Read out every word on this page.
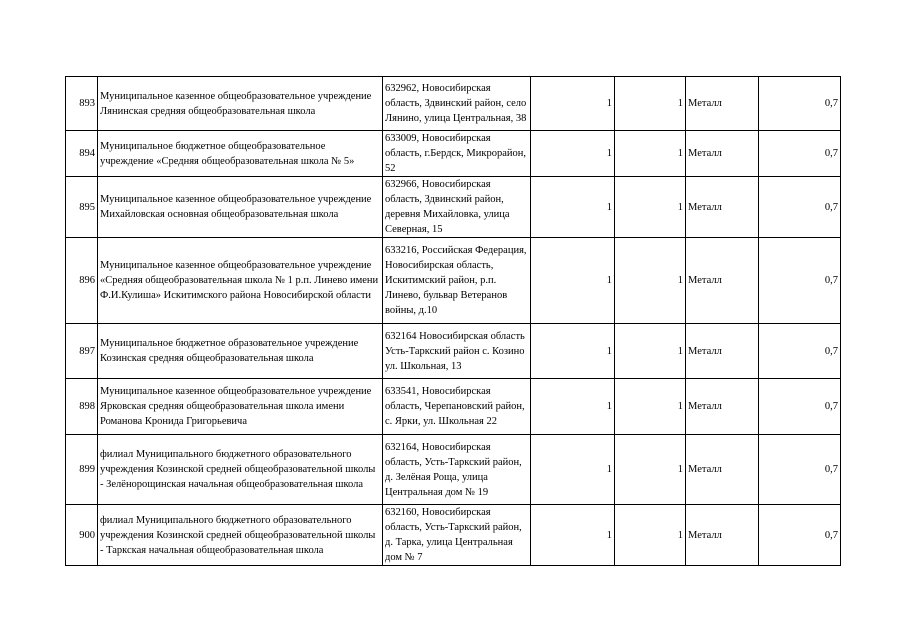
893	Муниципальное казенное общеобразовательное учреждение Лянинская средняя общеобразовательная школа	632962, Новосибирская область, Здвинский район, село Лянино, улица Центральная, 38	1	1	Металл	0,7
894	Муниципальное бюджетное общеобразовательное учреждение «Средняя общеобразовательная школа № 5»	633009, Новосибирская область, г.Бердск, Микрорайон, 52	1	1	Металл	0,7
895	Муниципальное казенное общеобразовательное учреждение Михайловская основная общеобразовательная школа	632966, Новосибирская область, Здвинский район, деревня Михайловка, улица Северная, 15	1	1	Металл	0,7
896	Муниципальное казенное общеобразовательное учреждение «Средняя общеобразовательная школа № 1 р.п. Линево имени Ф.И.Кулиша» Искитимского района Новосибирской области	633216, Российская Федерация, Новосибирская область, Искитимский район, р.п. Линево, бульвар Ветеранов войны, д.10	1	1	Металл	0,7
897	Муниципальное бюджетное образовательное учреждение Козинская средняя общеобразовательная школа	632164 Новосибирская область Усть-Таркский район с. Козино ул. Школьная, 13	1	1	Металл	0,7
898	Муниципальное казенное общеобразовательное учреждение Ярковская средняя общеобразовательная школа имени Романова Кронида Григорьевича	633541, Новосибирская область, Черепановский район, с. Ярки, ул. Школьная 22	1	1	Металл	0,7
899	филиал Муниципального бюджетного образовательного учреждения Козинской средней общеобразовательной школы - Зелёнорощинская начальная общеобразовательная школа	632164, Новосибирская область, Усть-Таркский район, д. Зелёная Роща, улица Центральная дом № 19	1	1	Металл	0,7
900	филиал Муниципального бюджетного образовательного учреждения Козинской средней общеобразовательной школы - Таркская начальная общеобразовательная школа	632160, Новосибирская область, Усть-Таркский район, д. Тарка, улица Центральная дом № 7	1	1	Металл	0,7
